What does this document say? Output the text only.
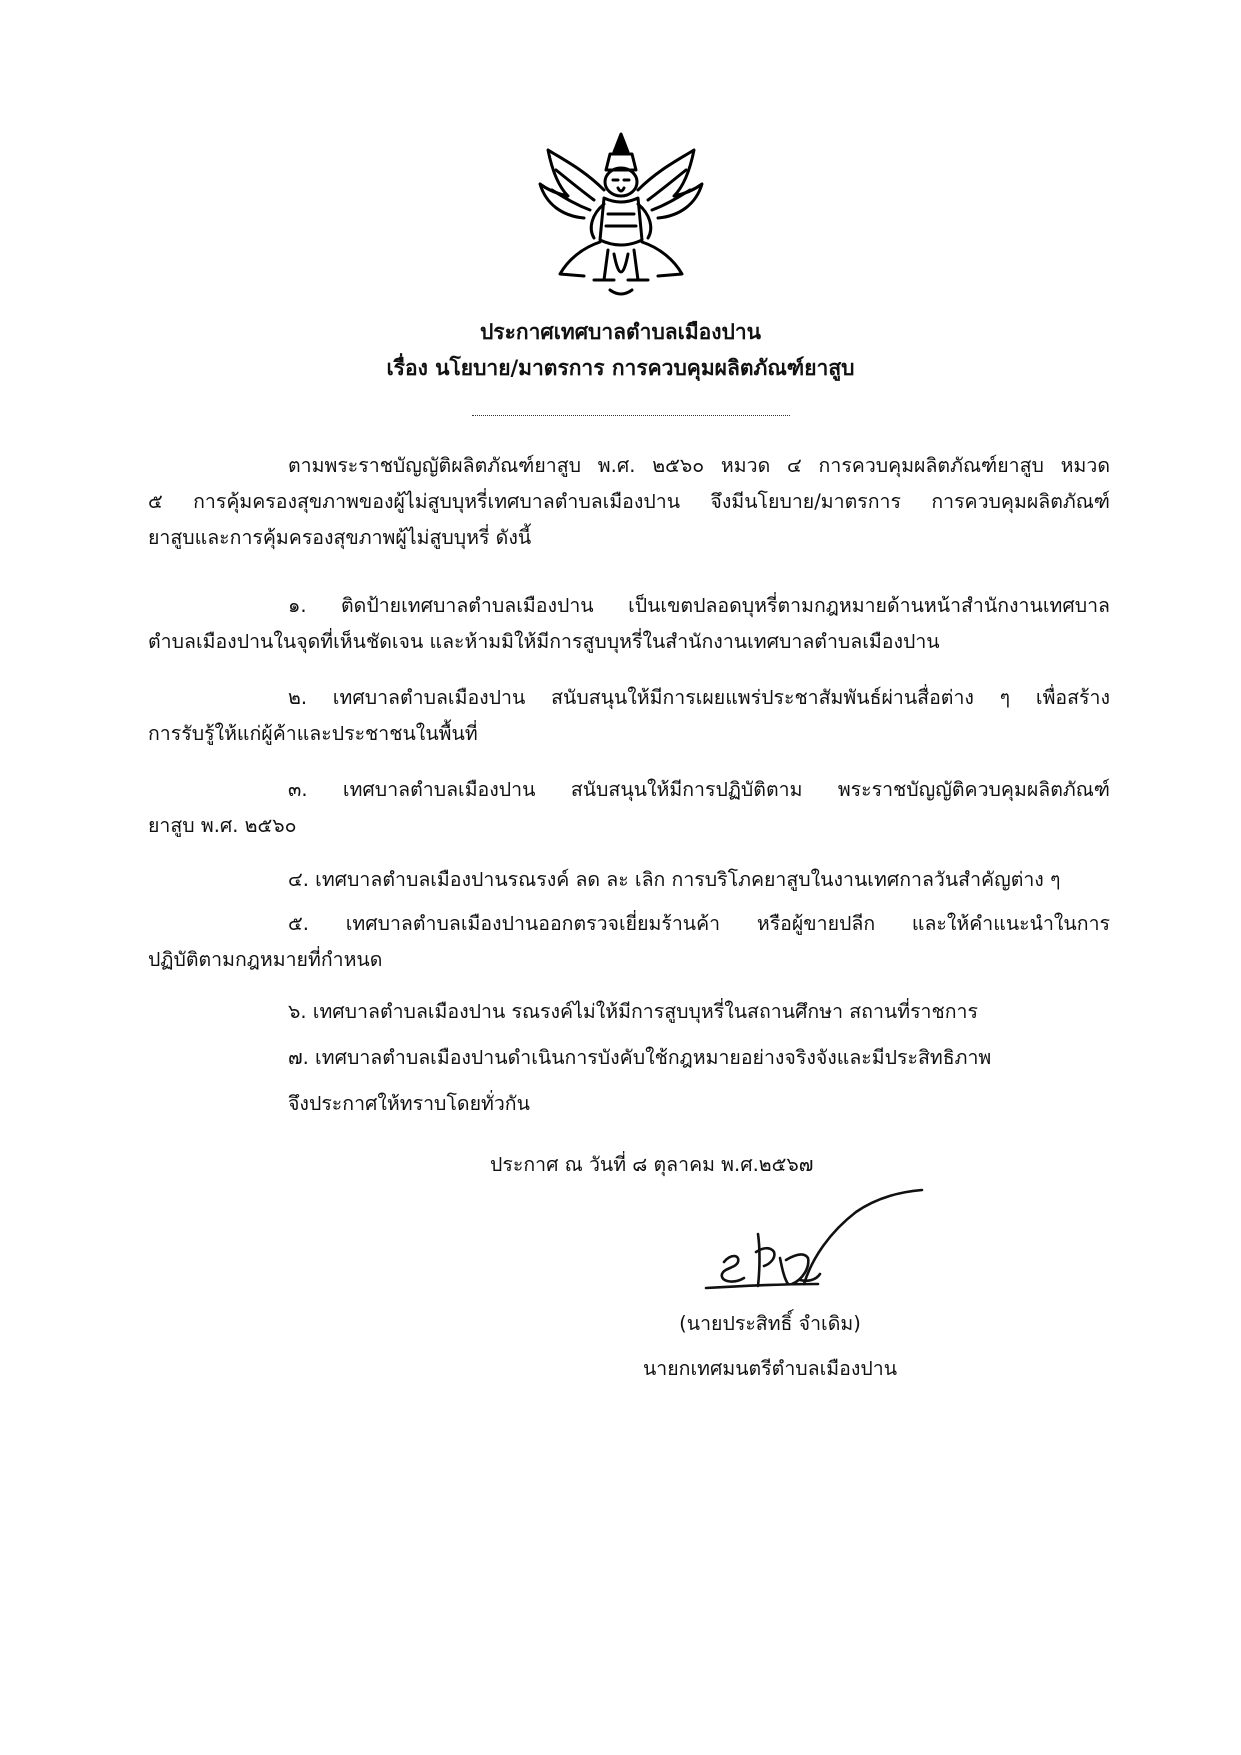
ประกาศเทศบาลตำบลเมืองปาน
เรื่อง นโยบาย/มาตรการ การควบคุมผลิตภัณฑ์ยาสูบ
ตามพระราชบัญญัติผลิตภัณฑ์ยาสูบ พ.ศ. ๒๕๖๐ หมวด ๔ การควบคุมผลิตภัณฑ์ยาสูบ หมวด
๕ การคุ้มครองสุขภาพของผู้ไม่สูบบุหรี่เทศบาลตำบลเมืองปาน จึงมีนโยบาย/มาตรการ การควบคุมผลิตภัณฑ์
ยาสูบและการคุ้มครองสุขภาพผู้ไม่สูบบุหรี่ ดังนี้
๑. ติดป้ายเทศบาลตำบลเมืองปาน เป็นเขตปลอดบุหรี่ตามกฎหมายด้านหน้าสำนักงานเทศบาล
ตำบลเมืองปานในจุดที่เห็นชัดเจน และห้ามมิให้มีการสูบบุหรี่ในสำนักงานเทศบาลตำบลเมืองปาน
๒. เทศบาลตำบลเมืองปาน สนับสนุนให้มีการเผยแพร่ประชาสัมพันธ์ผ่านสื่อต่าง ๆ เพื่อสร้าง
การรับรู้ให้แก่ผู้ค้าและประชาชนในพื้นที่
๓. เทศบาลตำบลเมืองปาน สนับสนุนให้มีการปฏิบัติตาม พระราชบัญญัติควบคุมผลิตภัณฑ์
ยาสูบ พ.ศ. ๒๕๖๐
๔. เทศบาลตำบลเมืองปานรณรงค์ ลด ละ เลิก การบริโภคยาสูบในงานเทศกาลวันสำคัญต่าง ๆ
๕. เทศบาลตำบลเมืองปานออกตรวจเยี่ยมร้านค้า หรือผู้ขายปลีก และให้คำแนะนำในการ
ปฏิบัติตามกฎหมายที่กำหนด
๖. เทศบาลตำบลเมืองปาน รณรงค์ไม่ให้มีการสูบบุหรี่ในสถานศึกษา สถานที่ราชการ
๗. เทศบาลตำบลเมืองปานดำเนินการบังคับใช้กฎหมายอย่างจริงจังและมีประสิทธิภาพ
จึงประกาศให้ทราบโดยทั่วกัน
ประกาศ ณ วันที่ ๘ ตุลาคม พ.ศ.๒๕๖๗
(นายประสิทธิ์ จำเดิม)
นายกเทศมนตรีตำบลเมืองปาน
